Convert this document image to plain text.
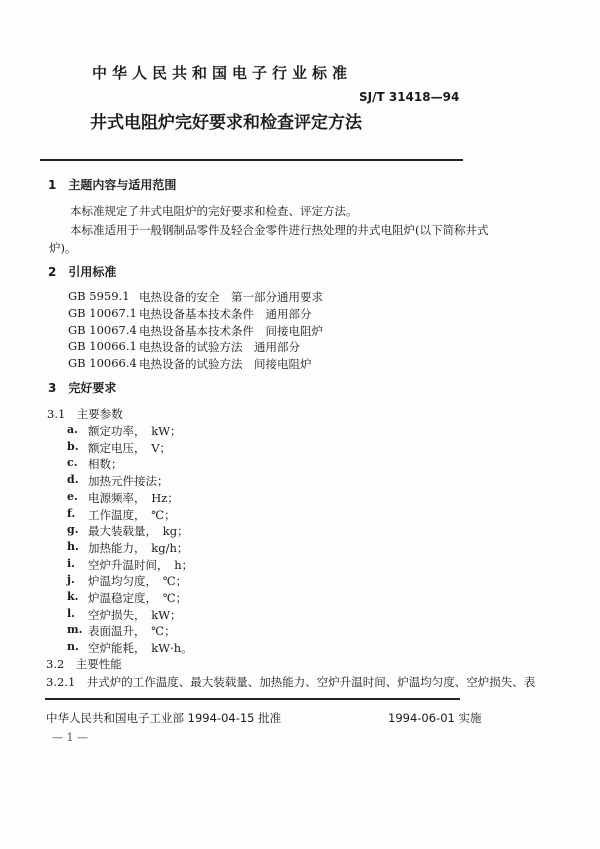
中华人民共和国电子行业标准
SJ/T 31418—94
井式电阻炉完好要求和检查评定方法
1　主题内容与适用范围
本标准规定了井式电阻炉的完好要求和检查、评定方法。
本标准适用于一般钢制品零件及轻合金零件进行热处理的井式电阻炉(以下简称井式
炉)。
2　引用标准
GB 5959.1 电热设备的安全　第一部分通用要求
GB 10067.1 电热设备基本技术条件　通用部分
GB 10067.4 电热设备基本技术条件　间接电阻炉
GB 10066.1 电热设备的试验方法　通用部分
GB 10066.4 电热设备的试验方法　间接电阻炉
3　完好要求
3.1　主要参数
a. 额定功率，　kW；
b. 额定电压，　V；
c. 相数；
d. 加热元件接法；
e. 电源频率，　Hz；
f. 工作温度，　℃；
g. 最大装载量，　kg；
h. 加热能力，　kg/h；
i. 空炉升温时间，　h；
j. 炉温均匀度，　℃；
k. 炉温稳定度，　℃；
l. 空炉损失，　kW；
m. 表面温升，　℃；
n. 空炉能耗，　kW·h。
3.2　主要性能
3.2.1　井式炉的工作温度、最大装载量、加热能力、空炉升温时间、炉温均匀度、空炉损失、表
中华人民共和国电子工业部 1994-04-15 批准	1994-06-01 实施
— 1 —
